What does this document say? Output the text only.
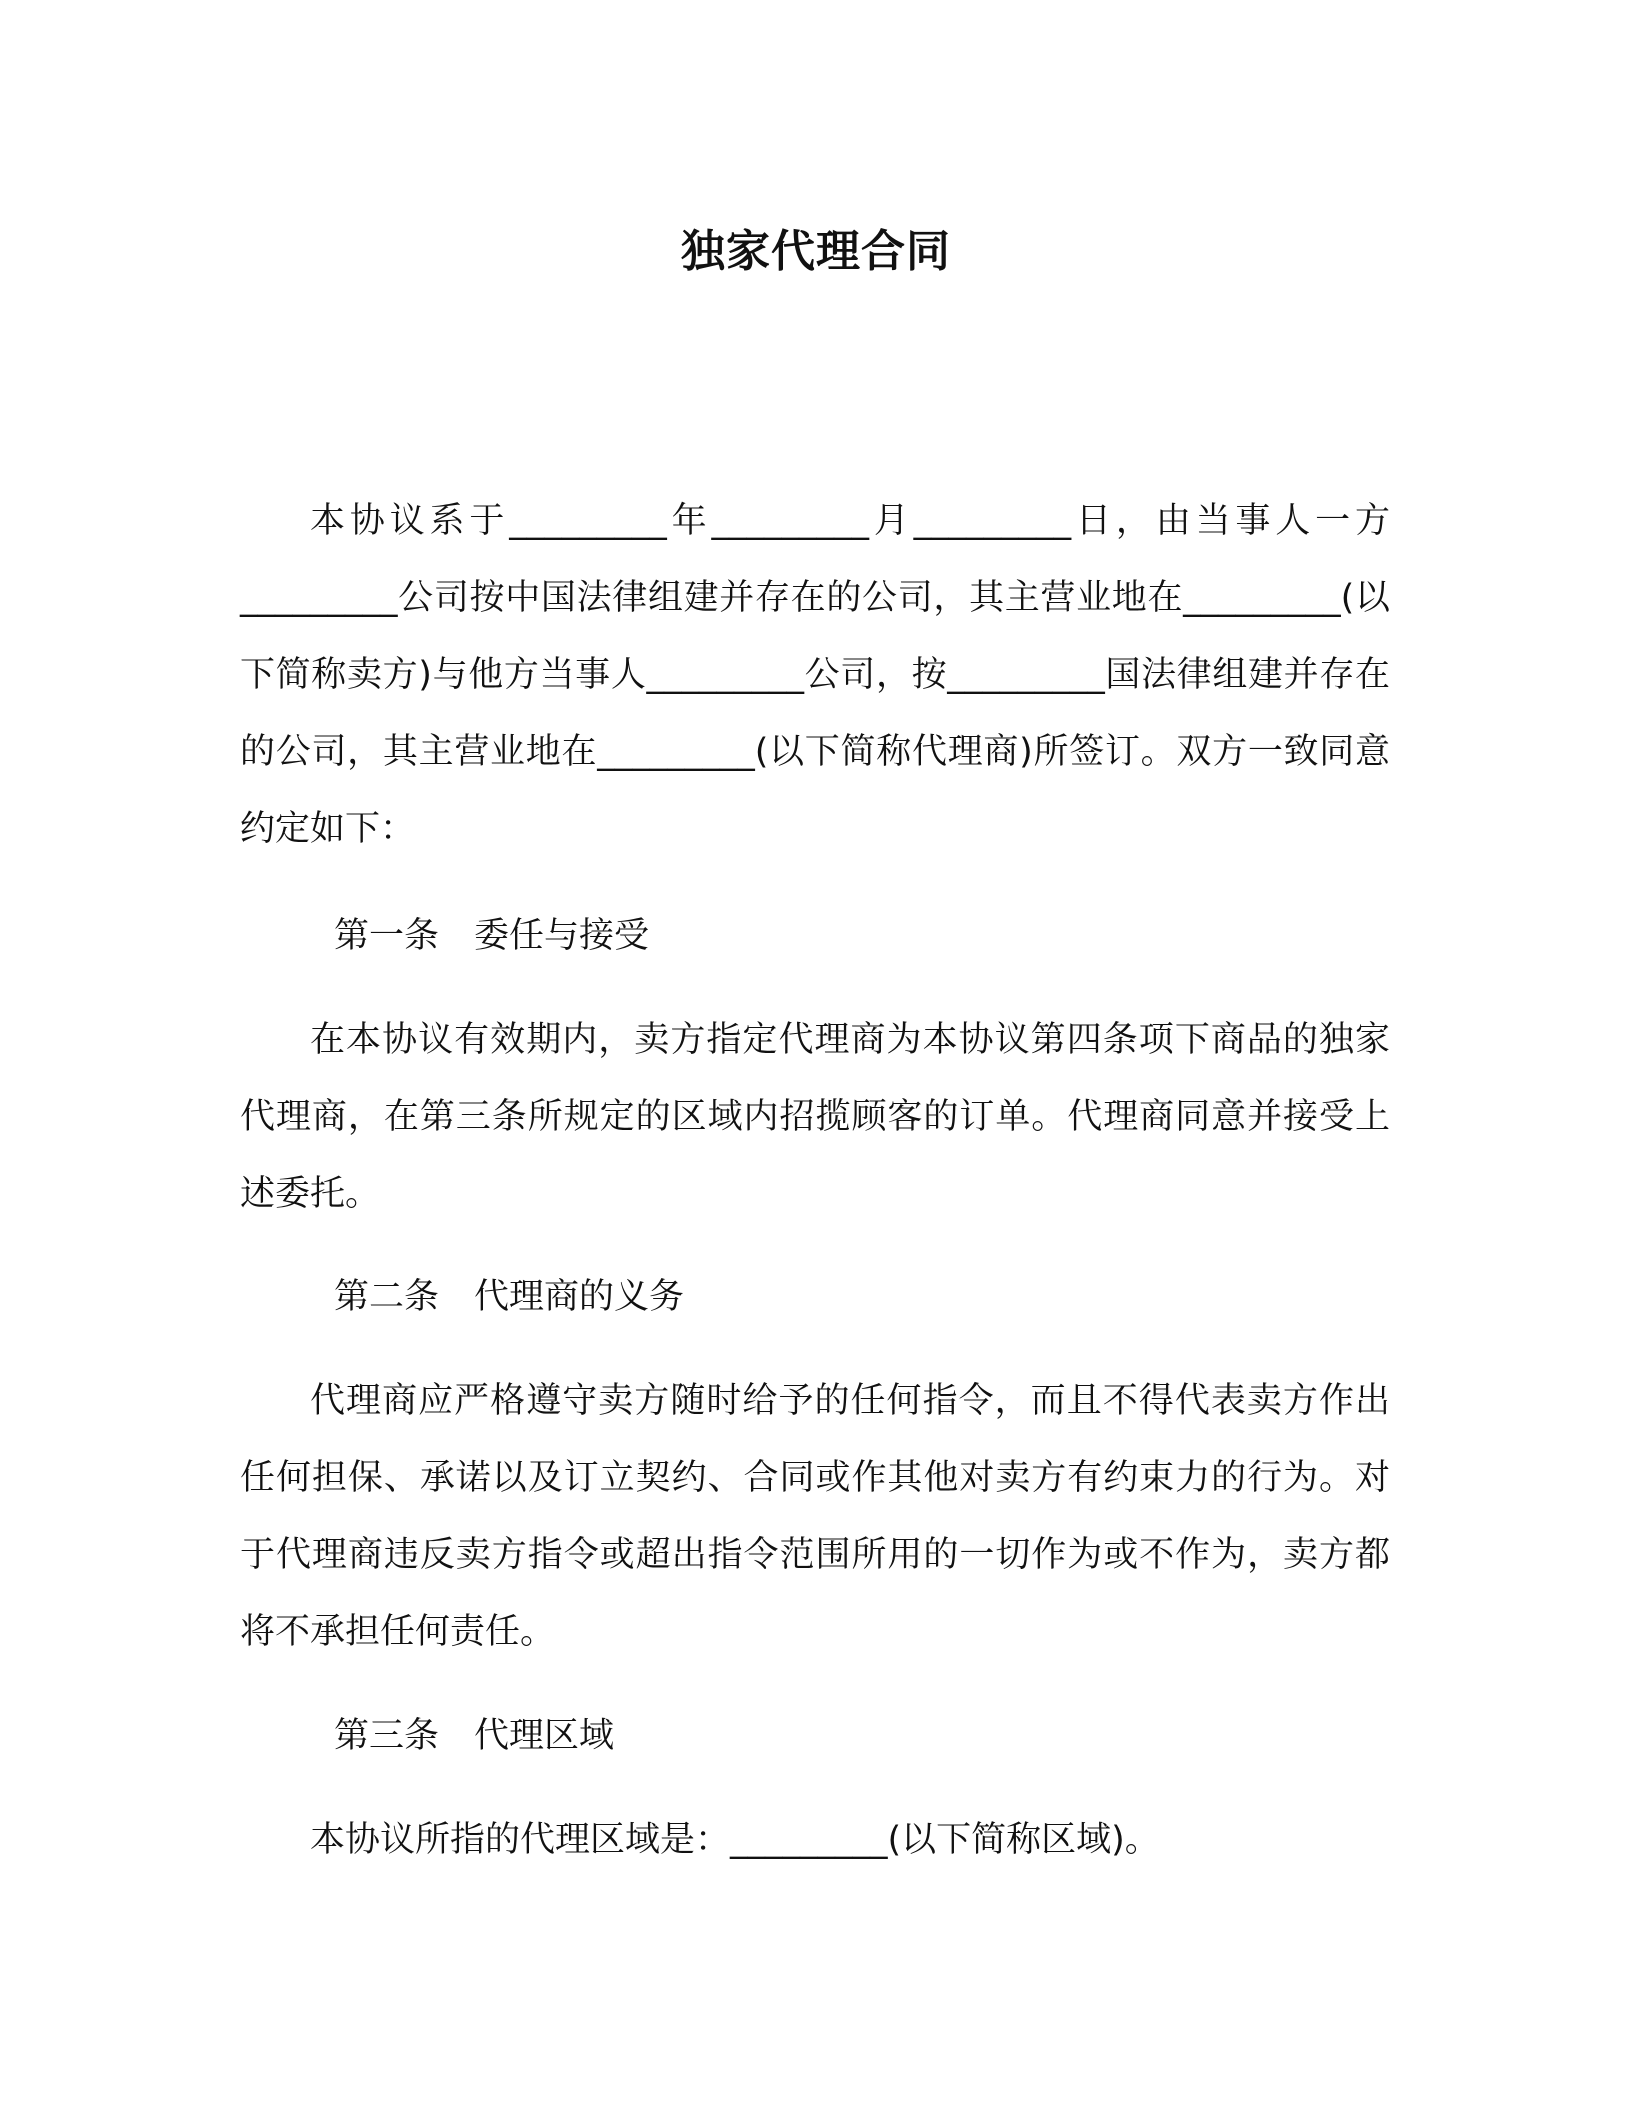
独家代理合同

本协议系于_________年_________月_________日，由当事人一方_________公司按中国法律组建并存在的公司，其主营业地在_________(以下简称卖方)与他方当事人_________公司，按_________国法律组建并存在的公司，其主营业地在_________(以下简称代理商)所签订。双方一致同意约定如下：

第一条　委任与接受

在本协议有效期内，卖方指定代理商为本协议第四条项下商品的独家代理商，在第三条所规定的区域内招揽顾客的订单。代理商同意并接受上述委托。

第二条　代理商的义务

代理商应严格遵守卖方随时给予的任何指令，而且不得代表卖方作出任何担保、承诺以及订立契约、合同或作其他对卖方有约束力的行为。对于代理商违反卖方指令或超出指令范围所用的一切作为或不作为，卖方都将不承担任何责任。

第三条　代理区域

本协议所指的代理区域是：_________(以下简称区域)。
